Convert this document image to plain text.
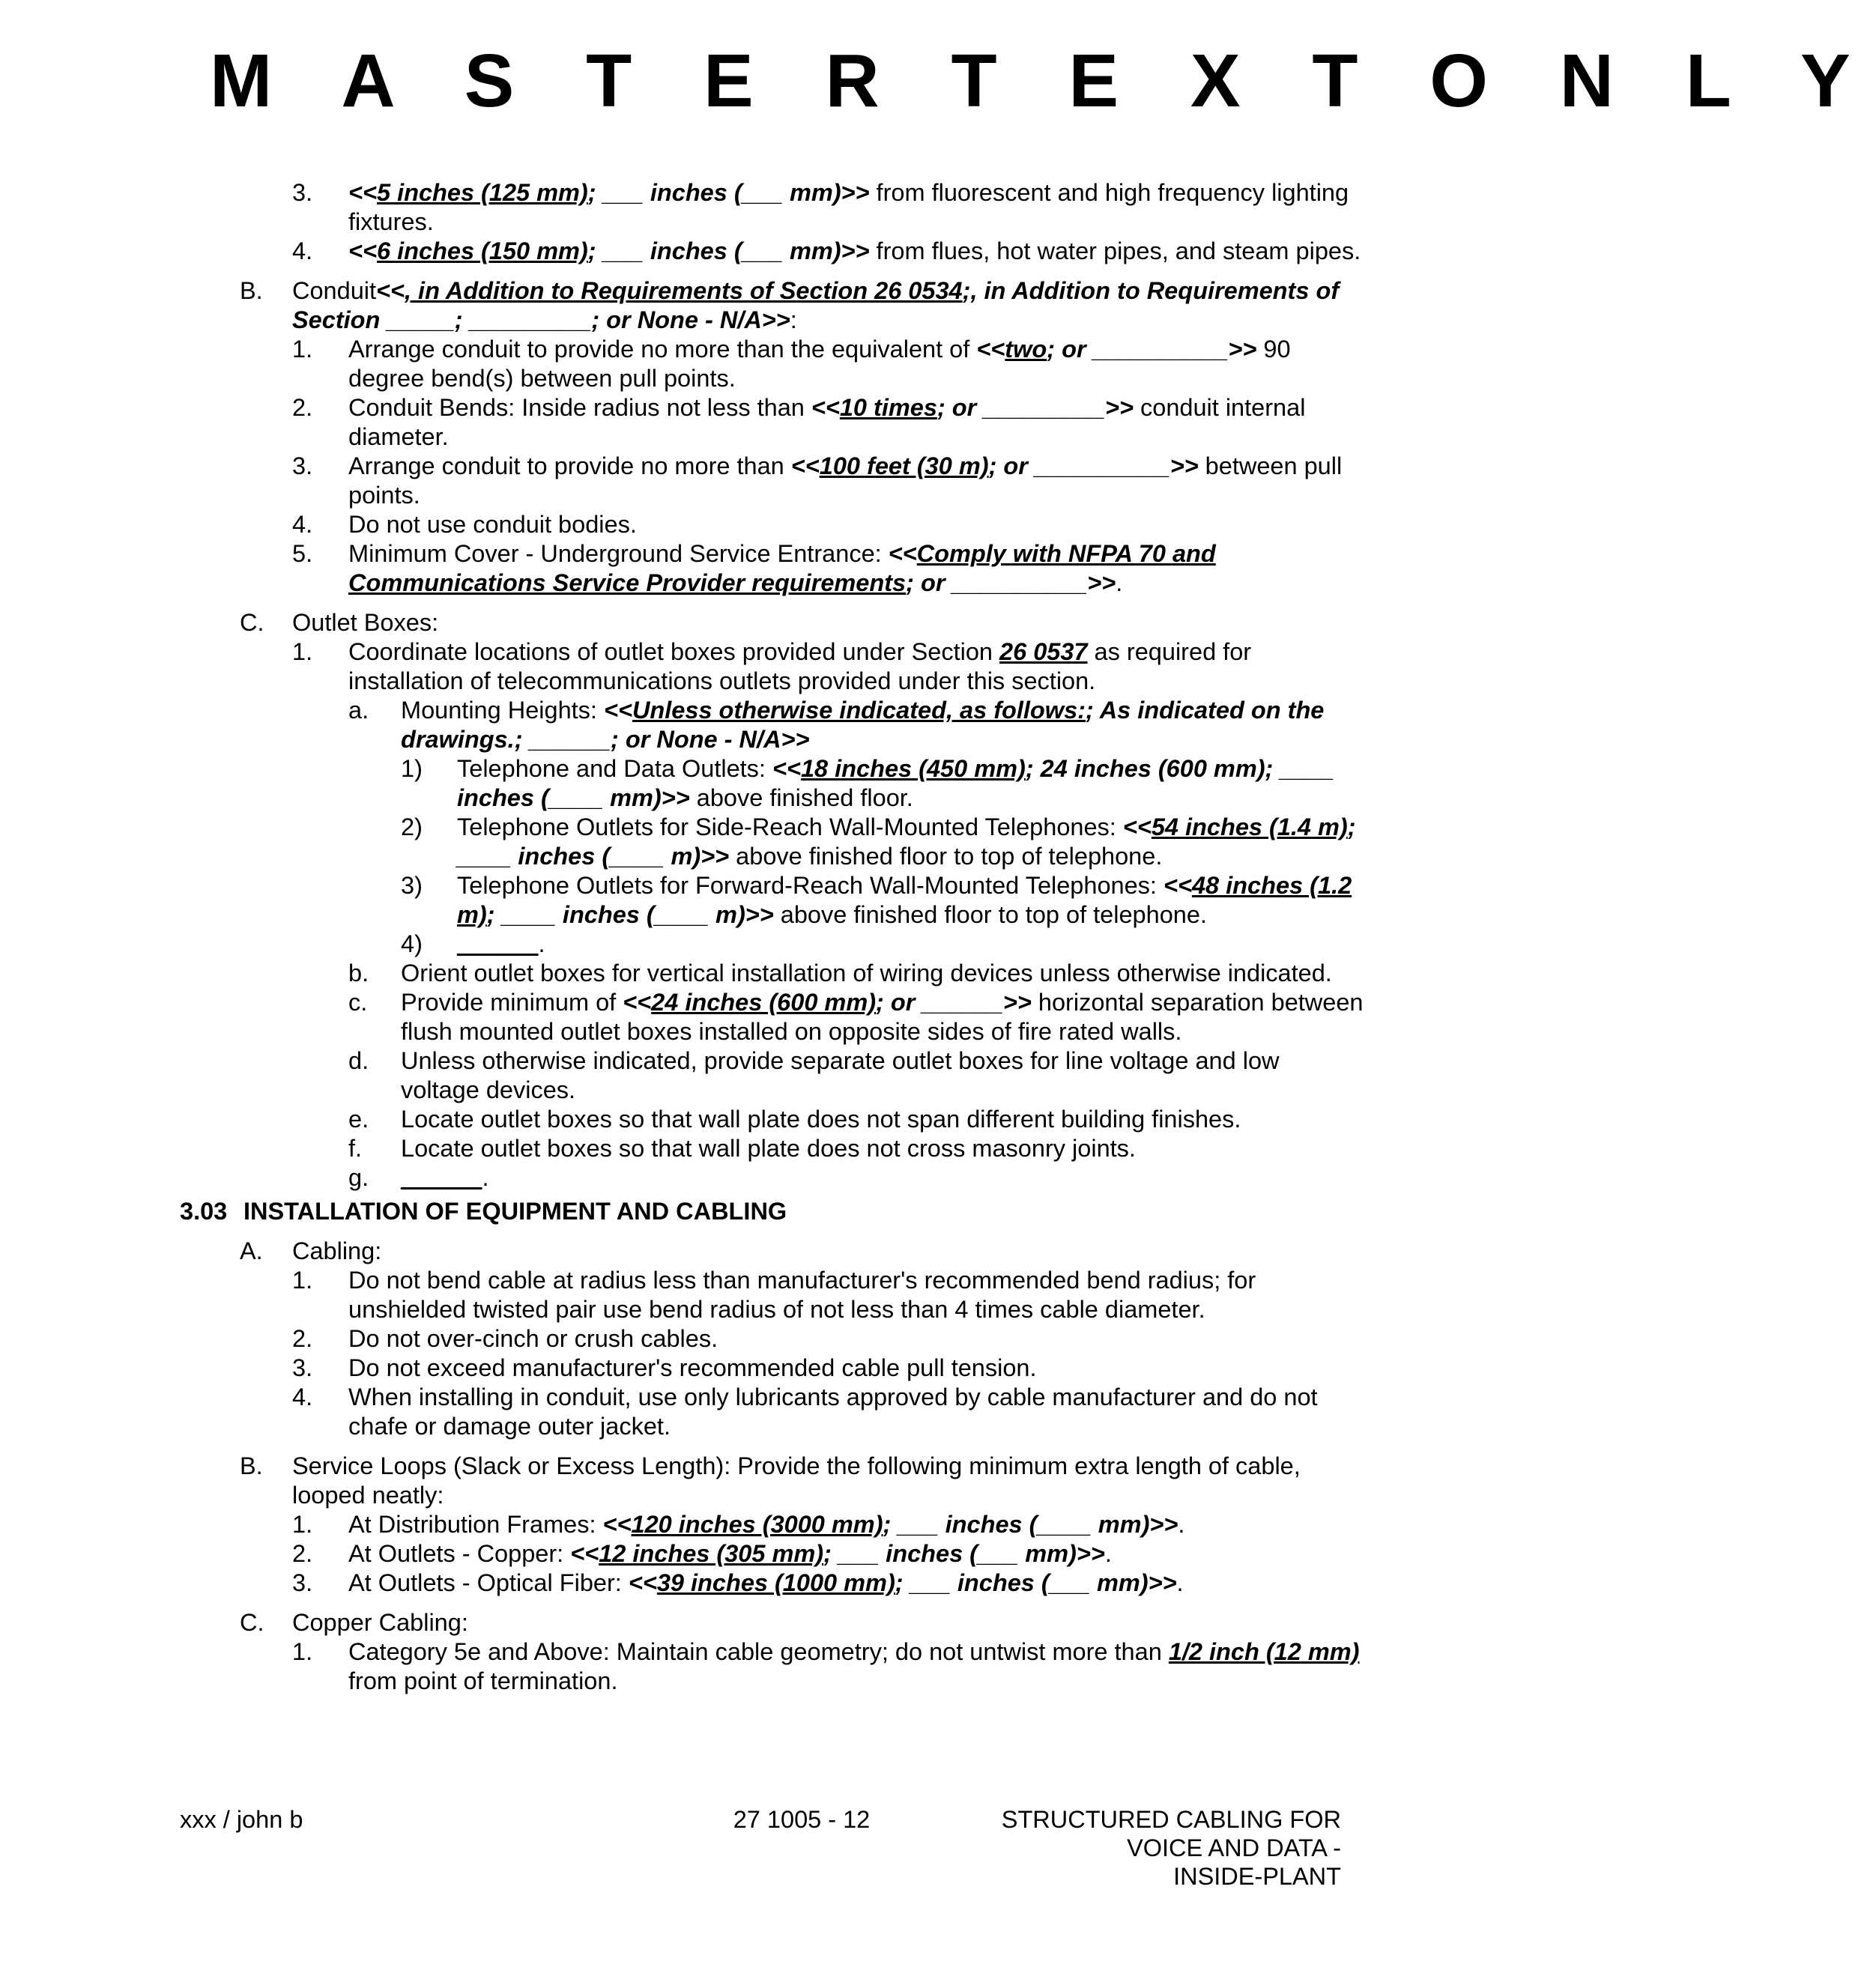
M A S T E R T E X T O N L Y
3. <<5 inches (125 mm); ___ inches (___ mm)>> from fluorescent and high frequency lighting fixtures.
4. <<6 inches (150 mm); ___ inches (___ mm)>> from flues, hot water pipes, and steam pipes.
B. Conduit<<, in Addition to Requirements of Section 26 0534;, in Addition to Requirements of Section _____; _________; or None - N/A>>:
1. Arrange conduit to provide no more than the equivalent of <<two; or __________>> 90 degree bend(s) between pull points.
2. Conduit Bends: Inside radius not less than <<10 times; or _________>> conduit internal diameter.
3. Arrange conduit to provide no more than <<100 feet (30 m); or __________>> between pull points.
4. Do not use conduit bodies.
5. Minimum Cover - Underground Service Entrance: <<Comply with NFPA 70 and Communications Service Provider requirements; or __________>>.
C. Outlet Boxes:
1. Coordinate locations of outlet boxes provided under Section 26 0537 as required for installation of telecommunications outlets provided under this section.
a. Mounting Heights: <<Unless otherwise indicated, as follows:; As indicated on the drawings.; ______; or None - N/A>>
1) Telephone and Data Outlets: <<18 inches (450 mm); 24 inches (600 mm); ____ inches (____ mm)>> above finished floor.
2) Telephone Outlets for Side-Reach Wall-Mounted Telephones: <<54 inches (1.4 m); ____ inches (____ m)>> above finished floor to top of telephone.
3) Telephone Outlets for Forward-Reach Wall-Mounted Telephones: <<48 inches (1.2 m); ____ inches (____ m)>> above finished floor to top of telephone.
4) ______.
b. Orient outlet boxes for vertical installation of wiring devices unless otherwise indicated.
c. Provide minimum of <<24 inches (600 mm); or ______>> horizontal separation between flush mounted outlet boxes installed on opposite sides of fire rated walls.
d. Unless otherwise indicated, provide separate outlet boxes for line voltage and low voltage devices.
e. Locate outlet boxes so that wall plate does not span different building finishes.
f. Locate outlet boxes so that wall plate does not cross masonry joints.
g. ______.
3.03 INSTALLATION OF EQUIPMENT AND CABLING
A. Cabling:
1. Do not bend cable at radius less than manufacturer's recommended bend radius; for unshielded twisted pair use bend radius of not less than 4 times cable diameter.
2. Do not over-cinch or crush cables.
3. Do not exceed manufacturer's recommended cable pull tension.
4. When installing in conduit, use only lubricants approved by cable manufacturer and do not chafe or damage outer jacket.
B. Service Loops (Slack or Excess Length): Provide the following minimum extra length of cable, looped neatly:
1. At Distribution Frames: <<120 inches (3000 mm); ___ inches (____ mm)>>.
2. At Outlets - Copper: <<12 inches (305 mm); ___ inches (___ mm)>>.
3. At Outlets - Optical Fiber: <<39 inches (1000 mm); ___ inches (___ mm)>>.
C. Copper Cabling:
1. Category 5e and Above: Maintain cable geometry; do not untwist more than 1/2 inch (12 mm) from point of termination.
xxx / john b	27 1005 - 12	STRUCTURED CABLING FOR
VOICE AND DATA -
INSIDE-PLANT
